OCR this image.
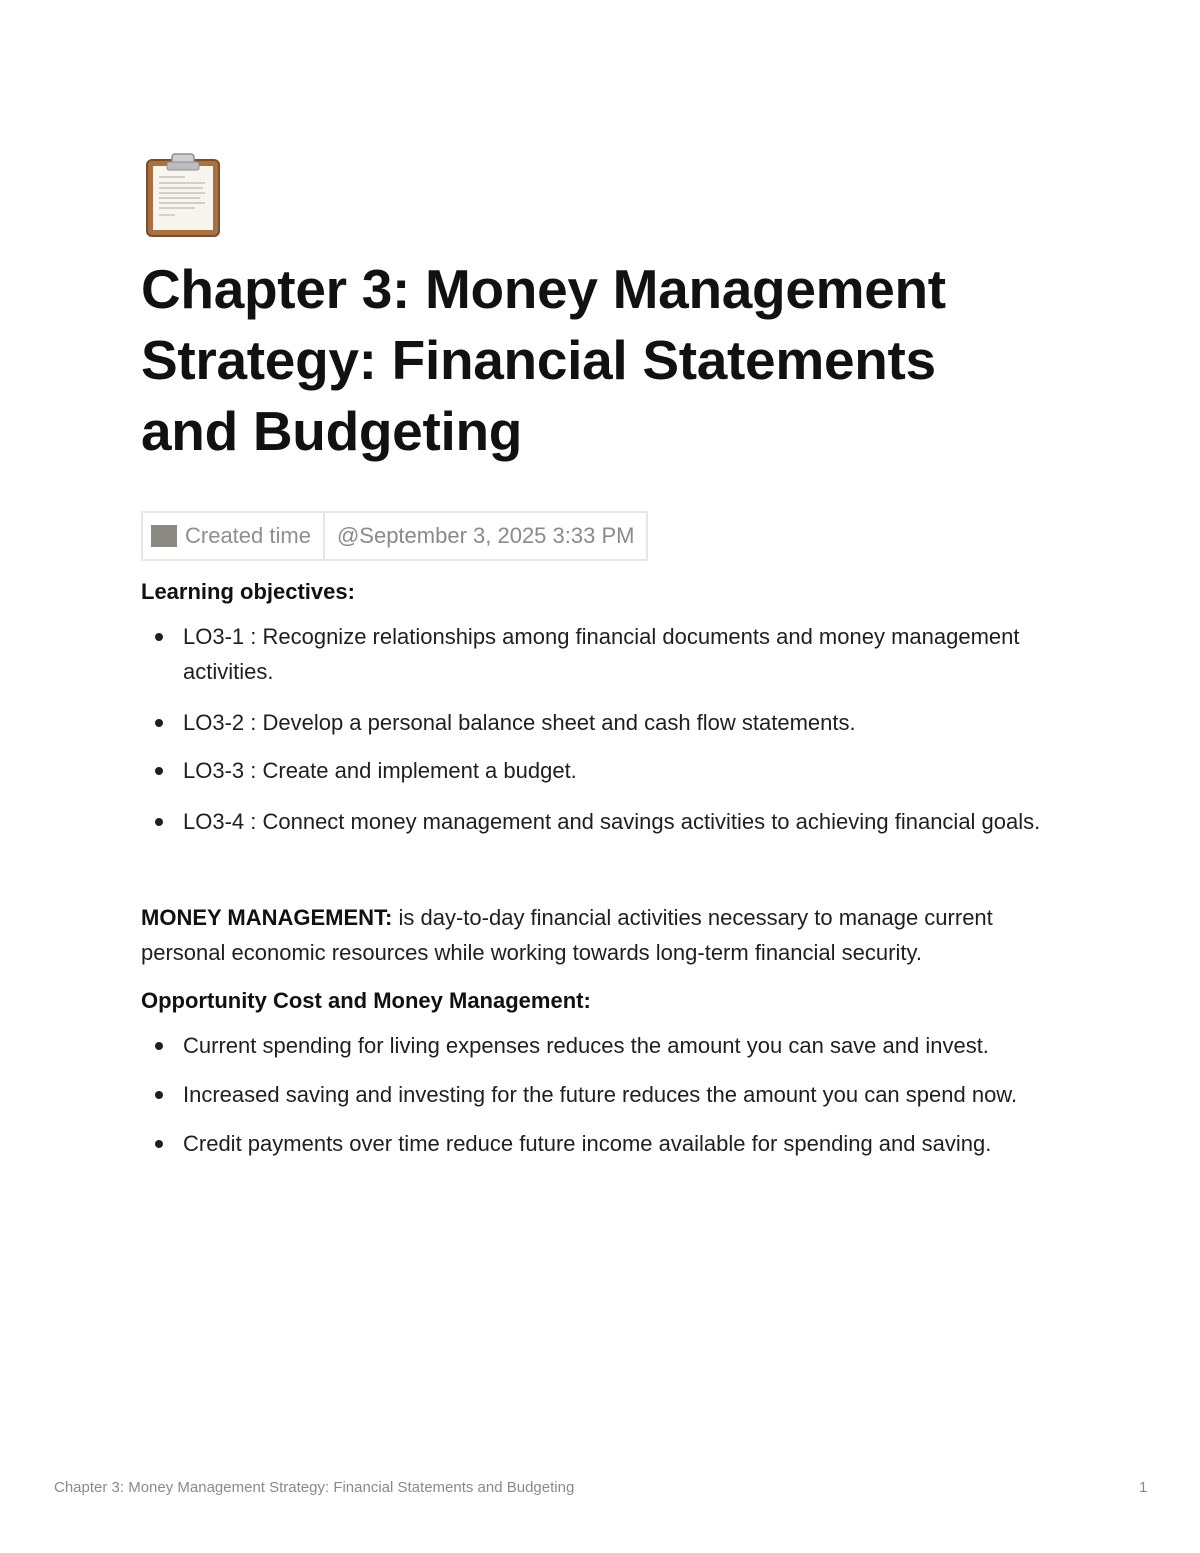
Chapter 3: Money Management Strategy: Financial Statements and Budgeting
Created time	@September 3, 2025 3:33 PM

Learning objectives:

LO3-1 : Recognize relationships among financial documents and money management activities.
LO3-2 : Develop a personal balance sheet and cash flow statements.
LO3-3 : Create and implement a budget.
LO3-4 : Connect money management and savings activities to achieving financial goals.

MONEY MANAGEMENT: is day-to-day financial activities necessary to manage current personal economic resources while working towards long-term financial security.

Opportunity Cost and Money Management:

Current spending for living expenses reduces the amount you can save and invest.
Increased saving and investing for the future reduces the amount you can spend now.
Credit payments over time reduce future income available for spending and saving.
Chapter 3: Money Management Strategy: Financial Statements and Budgeting	1
